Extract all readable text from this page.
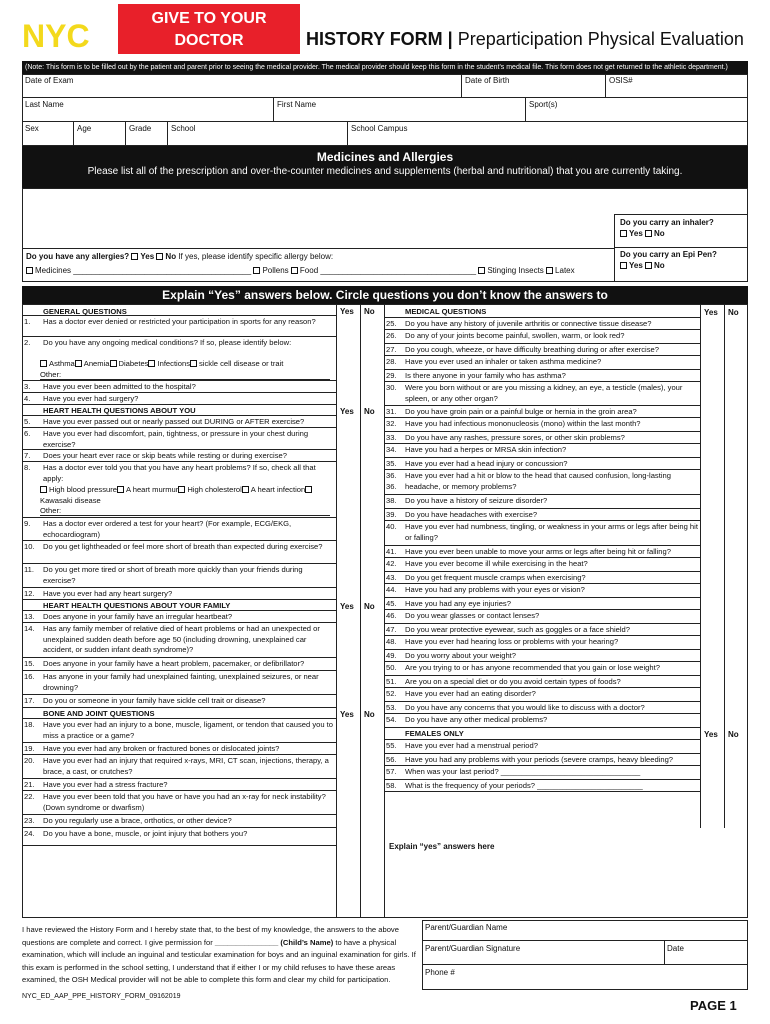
NYC	GIVE TO YOUR
DOCTOR	HISTORY FORM | Preparticipation Physical Evaluation
(Note: This form is to be filled out by the patient and parent prior to seeing the medical provider. The medical provider should keep this form in the student's medical file. This form does not get returned to the athletic department.)
Date of Exam	Date of Birth	OSIS#
Last Name	First Name	Sport(s)
Sex	Age	Grade	School	School Campus
Medicines and Allergies
Please list all of the prescription and over-the-counter medicines and supplements (herbal and nutritional) that you are currently taking.
Do you carry an inhaler?
Yes No
Do you carry an Epi Pen?
Yes No
Do you have any allergies? Yes No If yes, please identify specific allergy below:
Medicines ________________________________________ Pollens Food ___________________________________ Stinging Insects Latex
Explain “Yes” answers below. Circle questions you don’t know the answers to
GENERAL QUESTIONS
1.	Has a doctor ever denied or restricted your participation in sports for any reason?
2.	Do you have any ongoing medical conditions? If so, please identify below:
Asthma Anemia Diabetes Infections sickle cell disease or trait
Other:
3.	Have you ever been admitted to the hospital?
4.	Have you ever had surgery?
HEART HEALTH QUESTIONS ABOUT YOU	Yes No
5.	Have you ever passed out or nearly passed out DURING or AFTER exercise?
6.	Have you ever had discomfort, pain, tightness, or pressure in your chest during exercise?
7.	Does your heart ever race or skip beats while resting or during exercise?
8.	Has a doctor ever told you that you have any heart problems? If so, check all that apply:
High blood pressure A heart murmur High cholesterol A heart infectionKawasaki disease
Other:
9.	Has a doctor ever ordered a test for your heart? (For example, ECG/EKG, echocardiogram)
10.	Do you get lightheaded or feel more short of breath than expected during exercise?
11.	Do you get more tired or short of breath more quickly than your friends during exercise?
12.	Have you ever had any heart surgery?
HEART HEALTH QUESTIONS ABOUT YOUR FAMILY	Yes No
13.	Does anyone in your family have an irregular heartbeat?
14.	Has any family member of relative died of heart problems or had an unexpected or unexplained sudden death before age 50 (including drowning, unexplained car accident, or sudden infant death syndrome)?
15.	Does anyone in your family have a heart problem, pacemaker, or defibrillator?
16.	Has anyone in your family had unexplained fainting, unexplained seizures, or near drowning?
17.	Do you or someone in your family have sickle cell trait or disease?
BONE AND JOINT QUESTIONS	Yes No
18.	Have you ever had an injury to a bone, muscle, ligament, or tendon that caused you to miss a practice or a game?
19.	Have you ever had any broken or fractured bones or dislocated joints?
20.	Have you ever had an injury that required x-rays, MRI, CT scan, injections, therapy, a brace, a cast, or crutches?
21.	Have you ever had a stress fracture?
22.	Have you ever been told that you have or have you had an x-ray for neck instability? (Down syndrome or dwarfism)
23.	Do you regularly use a brace, orthotics, or other device?
24.	Do you have a bone, muscle, or joint injury that bothers you?
Yes No	MEDICAL QUESTIONS	Yes No
25.	Do you have any history of juvenile arthritis or connective tissue disease?
26.	Do any of your joints become painful, swollen, warm, or look red?
27.	Do you cough, wheeze, or have difficulty breathing during or after exercise?
28.	Have you ever used an inhaler or taken asthma medicine?
29.	Is there anyone in your family who has asthma?
30.	Were you born without or are you missing a kidney, an eye, a testicle (males), your spleen, or any other organ?
31.	Do you have groin pain or a painful bulge or hernia in the groin area?
32.	Have you had infectious mononucleosis (mono) within the last month?
33.	Do you have any rashes, pressure sores, or other skin problems?
34.	Have you had a herpes or MRSA skin infection?
35.	Have you ever had a head injury or concussion?
36.	Have you ever had a hit or blow to the head that caused confusion, long-lasting headache, or memory problems?
36.
38.	Do you have a history of seizure disorder?
39.	Do you have headaches with exercise?
40.	Have you ever had numbness, tingling, or weakness in your arms or legs after being hit or falling?
41.	Have you ever been unable to move your arms or legs after being hit or falling?
42.	Have you ever become ill while exercising in the heat?
43.	Do you get frequent muscle cramps when exercising?
44.	Have you had any problems with your eyes or vision?
45.	Have you had any eye injuries?
46.	Do you wear glasses or contact lenses?
47.	Do you wear protective eyewear, such as goggles or a face shield?
48.	Have you ever had hearing loss or problems with your hearing?
49.	Do you worry about your weight?
50.	Are you trying to or has anyone recommended that you gain or lose weight?
51.	Are you on a special diet or do you avoid certain types of foods?
52.	Have you ever had an eating disorder?
53.	Do you have any concerns that you would like to discuss with a doctor?
54.	Do you have any other medical problems?
FEMALES ONLY	Yes No
55.	Have you ever had a menstrual period?
56.	Have you had any problems with your periods (severe cramps, heavy bleeding?
57.	When was your last period? _________________________________
58.	What is the frequency of your periods? _________________________
Explain “yes” answers here
I have reviewed the History Form and I hereby state that, to the best of my knowledge, the answers to the above questions are complete and correct. I give permission for _______________ (Child’s Name) to have a physical examination, which will include an inguinal and testicular examination for boys and an inguinal examination for girls. If this exam is performed in the school setting, I understand that if either I or my child refuses to have these areas examined, the OSH Medical provider will not be able to complete this form and clear my child for participation.
Parent/Guardian Name
Parent/Guardian Signature	Date
Phone #
NYC_ED_AAP_PPE_HISTORY_FORM_09162019
PAGE 1
